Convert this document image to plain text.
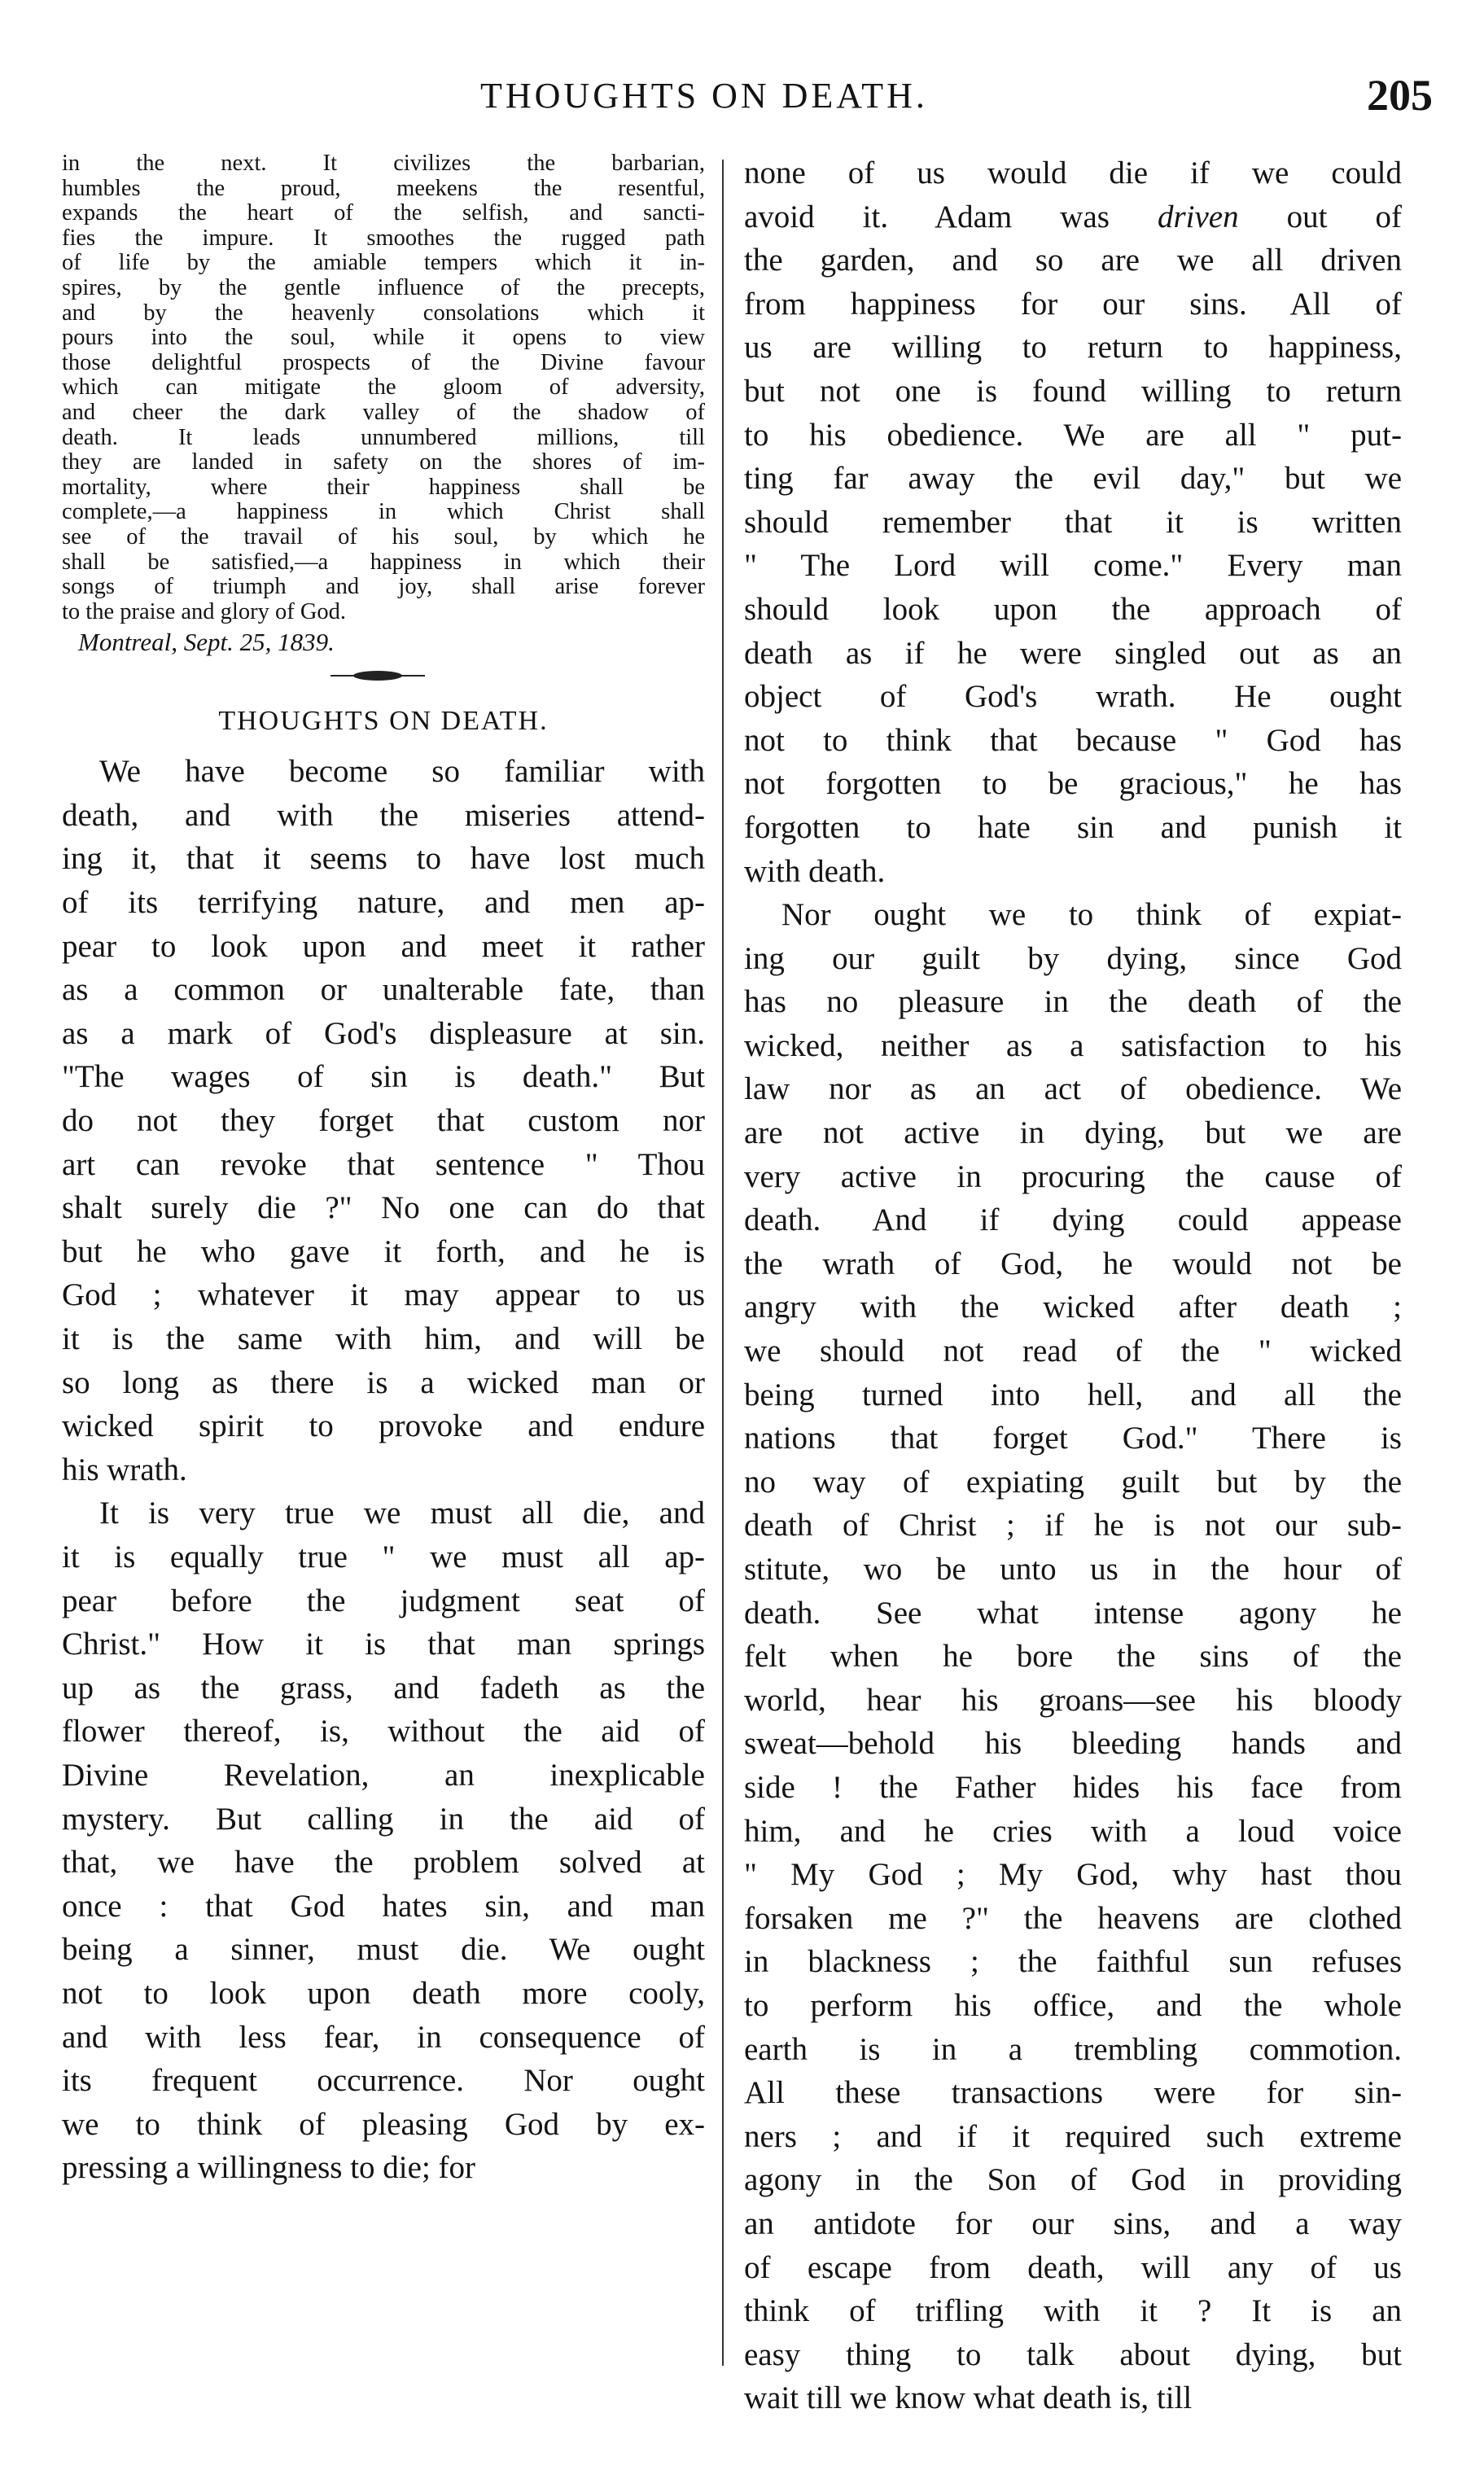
THOUGHTS ON DEATH.	205
in the next. It civilizes the barbarian,
humbles the proud, meekens the resentful,
expands the heart of the selfish, and sancti-
fies the impure. It smoothes the rugged path
of life by the amiable tempers which it in-
spires, by the gentle influence of the precepts,
and by the heavenly consolations which it
pours into the soul, while it opens to view
those delightful prospects of the Divine favour
which can mitigate the gloom of adversity,
and cheer the dark valley of the shadow of
death. It leads unnumbered millions, till
they are landed in safety on the shores of im-
mortality, where their happiness shall be
complete,—a happiness in which Christ shall
see of the travail of his soul, by which he
shall be satisfied,—a happiness in which their
songs of triumph and joy, shall arise forever
to the praise and glory of God.
Montreal, Sept. 25, 1839.
THOUGHTS ON DEATH.
We have become so familiar with
death, and with the miseries attend-
ing it, that it seems to have lost much
of its terrifying nature, and men ap-
pear to look upon and meet it rather
as a common or unalterable fate, than
as a mark of God's displeasure at sin.
"The wages of sin is death." But
do not they forget that custom nor
art can revoke that sentence " Thou
shalt surely die ?" No one can do that
but he who gave it forth, and he is
God ; whatever it may appear to us
it is the same with him, and will be
so long as there is a wicked man or
wicked spirit to provoke and endure
his wrath.
It is very true we must all die, and
it is equally true " we must all ap-
pear before the judgment seat of
Christ." How it is that man springs
up as the grass, and fadeth as the
flower thereof, is, without the aid of
Divine Revelation, an inexplicable
mystery. But calling in the aid of
that, we have the problem solved at
once : that God hates sin, and man
being a sinner, must die. We ought
not to look upon death more cooly,
and with less fear, in consequence of
its frequent occurrence. Nor ought
we to think of pleasing God by ex-
pressing a willingness to die; for
none of us would die if we could
avoid it. Adam was driven out of
the garden, and so are we all driven
from happiness for our sins. All of
us are willing to return to happiness,
but not one is found willing to return
to his obedience. We are all " put-
ting far away the evil day," but we
should remember that it is written
" The Lord will come." Every man
should look upon the approach of
death as if he were singled out as an
object of God's wrath. He ought
not to think that because " God has
not forgotten to be gracious," he has
forgotten to hate sin and punish it
with death.
Nor ought we to think of expiat-
ing our guilt by dying, since God
has no pleasure in the death of the
wicked, neither as a satisfaction to his
law nor as an act of obedience. We
are not active in dying, but we are
very active in procuring the cause of
death. And if dying could appease
the wrath of God, he would not be
angry with the wicked after death ;
we should not read of the " wicked
being turned into hell, and all the
nations that forget God." There is
no way of expiating guilt but by the
death of Christ ; if he is not our sub-
stitute, wo be unto us in the hour of
death. See what intense agony he
felt when he bore the sins of the
world, hear his groans—see his bloody
sweat—behold his bleeding hands and
side ! the Father hides his face from
him, and he cries with a loud voice
" My God ; My God, why hast thou
forsaken me ?" the heavens are clothed
in blackness ; the faithful sun refuses
to perform his office, and the whole
earth is in a trembling commotion.
All these transactions were for sin-
ners ; and if it required such extreme
agony in the Son of God in providing
an antidote for our sins, and a way
of escape from death, will any of us
think of trifling with it ? It is an
easy thing to talk about dying, but
wait till we know what death is, till
